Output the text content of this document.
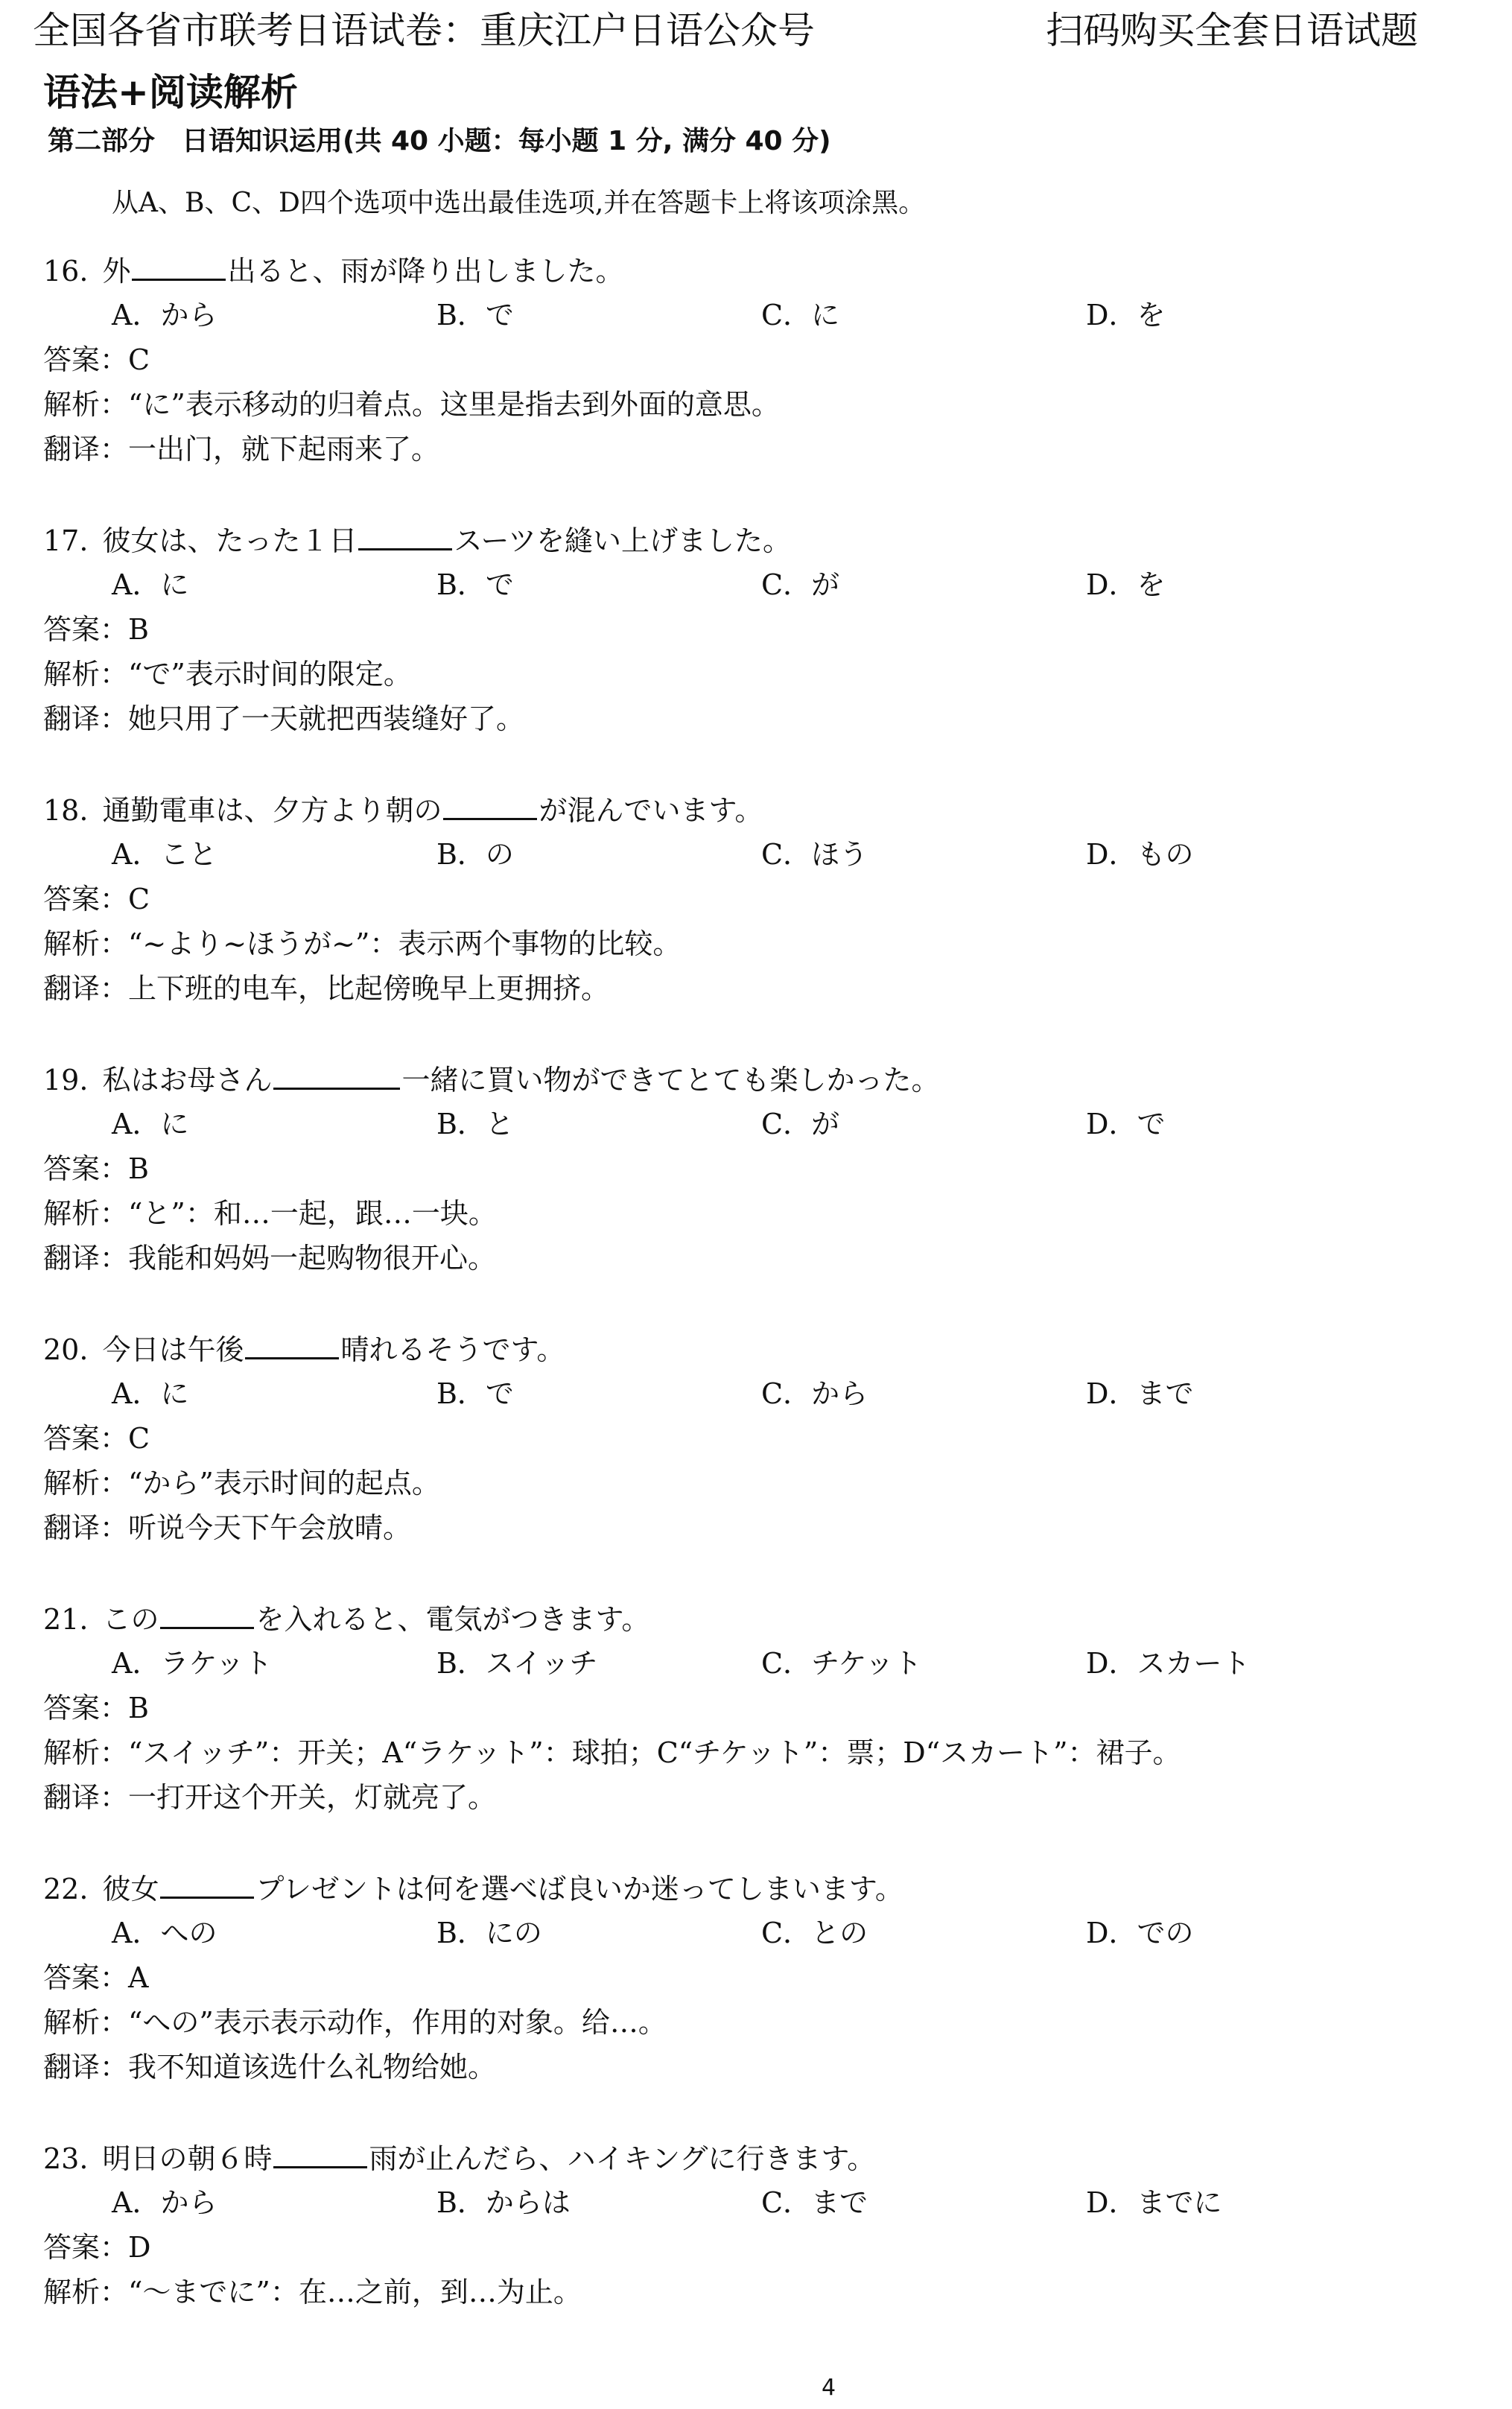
全国各省市联考日语试卷：重庆江户日语公众号	扫码购买全套日语试题
语法+阅读解析
第二部分　日语知识运用(共 40 小题：每小题 1 分, 满分 40 分)
从A、B、C、D四个选项中选出最佳选项,并在答题卡上将该项涂黑。
16.  外	出ると、雨が降り出しました。
A．から	B．で	C．に	D．を
答案：C
解析：“に”表示移动的归着点。这里是指去到外面的意思。
翻译：一出门，就下起雨来了。
17.  彼女は、たった１日	スーツを縫い上げました。
A．に	B．で	C．が	D．を
答案：B
解析：“で”表示时间的限定。
翻译：她只用了一天就把西装缝好了。
18.  通勤電車は、夕方より朝の	が混んでいます。
A．こと	B．の	C．ほう	D．もの
答案：C
解析：“~より~ほうが~”：表示两个事物的比较。
翻译：上下班的电车，比起傍晚早上更拥挤。
19.  私はお母さん	一緒に買い物ができてとても楽しかった。
A．に	B．と	C．が	D．で
答案：B
解析：“と”：和…一起，跟…一块。
翻译：我能和妈妈一起购物很开心。
20.  今日は午後	晴れるそうです。
A．に	B．で	C．から	D．まで
答案：C
解析：“から”表示时间的起点。
翻译：听说今天下午会放晴。
21.  この	を入れると、電気がつきます。
A．ラケット	B．スイッチ	C．チケット	D．スカート
答案：B
解析：“スイッチ”：开关；A“ラケット”：球拍；C“チケット”：票；D“スカート”：裙子。
翻译：一打开这个开关，灯就亮了。
22.  彼女	プレゼントは何を選べば良いか迷ってしまいます。
A．への	B．にの	C．との	D．での
答案：A
解析：“への”表示表示动作，作用的对象。给…。
翻译：我不知道该选什么礼物给她。
23.  明日の朝６時	雨が止んだら、ハイキングに行きます。
A．から	B．からは	C．まで	D．までに
答案：D
解析：“～までに”：在…之前，到…为止。
4
